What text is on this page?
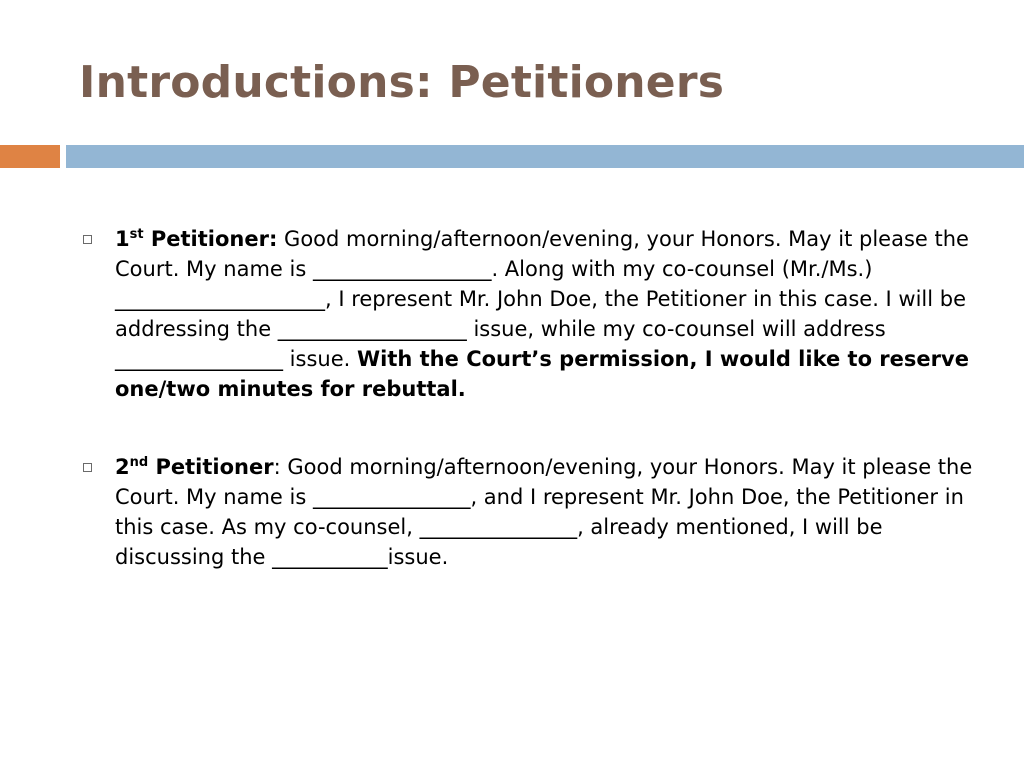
Introductions: Petitioners
1st Petitioner: Good morning/afternoon/evening, your Honors. May it please the Court. My name is _________________. Along with my co-counsel (Mr./Ms.) ____________________, I represent Mr. John Doe, the Petitioner in this case. I will be addressing the __________________ issue, while my co-counsel will address ________________ issue. With the Court’s permission, I would like to reserve one/two minutes for rebuttal.
2nd Petitioner: Good morning/afternoon/evening, your Honors. May it please the Court. My name is _______________, and I represent Mr. John Doe, the Petitioner in this case. As my co-counsel, _______________, already mentioned, I will be discussing the ___________issue.
